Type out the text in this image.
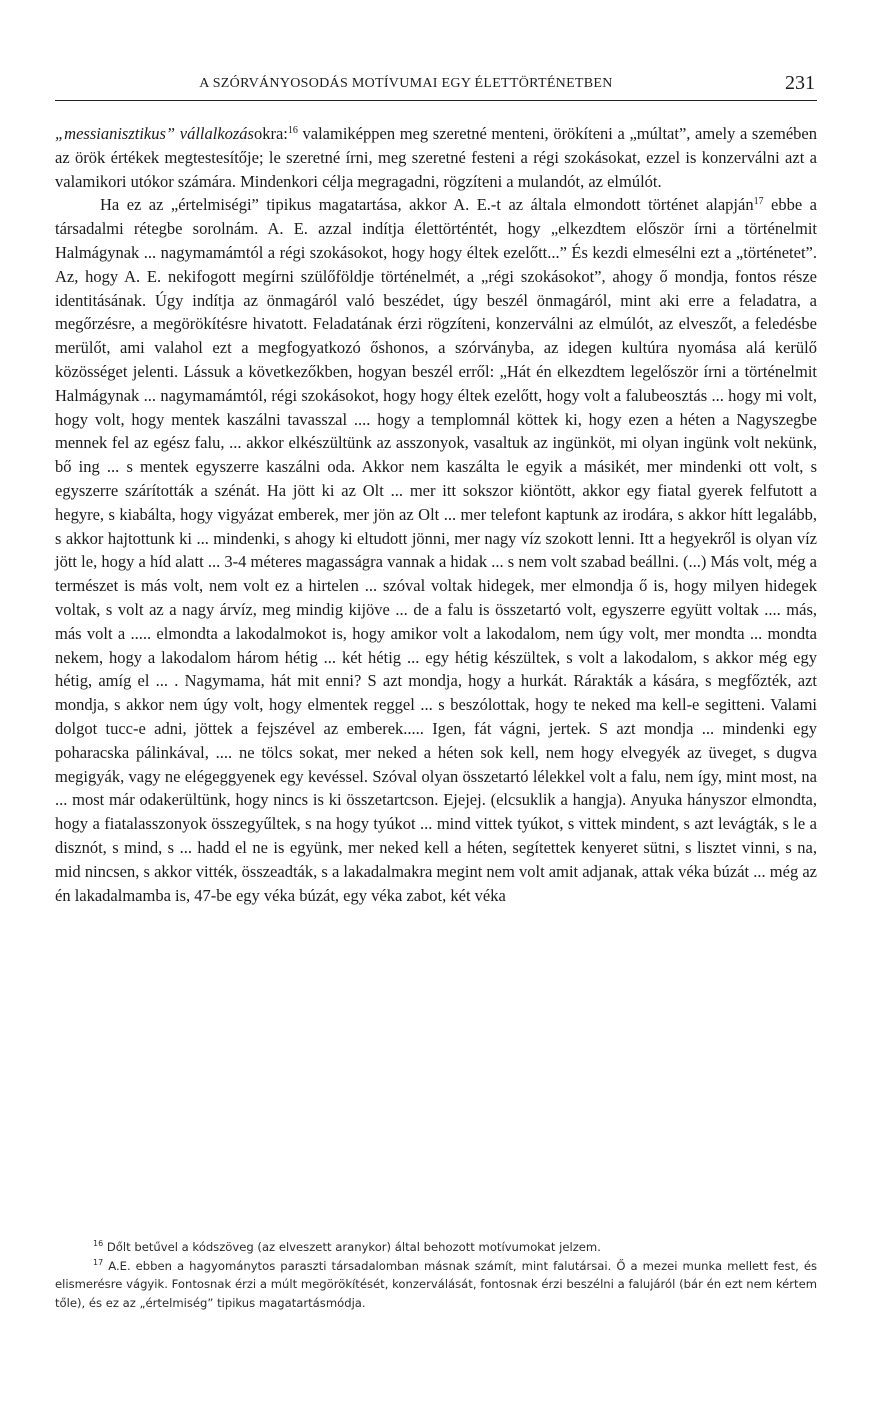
A SZÓRVÁNYOSODÁS MOTÍVUMAI EGY ÉLETTÖRTÉNETBEN	231

„messianisztikus” vállalkozásokra:$^{16}$ valamiképpen meg szeretné menteni, örökíteni a „múltat”, amely a szemében az örök értékek megtestesítője; le szeretné írni, meg szeretné festeni a régi szokásokat, ezzel is konzerválni azt a valamikori utókor számára. Mindenkori célja megragadni, rögzíteni a mulandót, az elmúlót.

Ha ez az „értelmiségi” tipikus magatartása, akkor A. E.-t az általa elmondott történet alapján$^{17}$ ebbe a társadalmi rétegbe sorolnám. A. E. azzal indítja élettörténtét, hogy „elkezdtem először írni a történelmit Halmágynak ... nagymamámtól a régi szokásokot, hogy hogy éltek ezelőtt...” És kezdi elmesélni ezt a „történetet”. Az, hogy A. E. nekifogott megírni szülőföldje történelmét, a „régi szokásokot”, ahogy ő mondja, fontos része identitásának. Úgy indítja az önmagáról való beszédet, úgy beszél önmagáról, mint aki erre a feladatra, a megőrzésre, a megörökítésre hivatott. Feladatának érzi rögzíteni, konzerválni az elmúlót, az elveszőt, a feledésbe merülőt, ami valahol ezt a megfogyatkozó őshonos, a szórványba, az idegen kultúra nyomása alá kerülő közösséget jelenti. Lássuk a következőkben, hogyan beszél erről: „Hát én elkezdtem legelőször írni a történelmit Halmágynak ... nagymamámtól, régi szokásokot, hogy hogy éltek ezelőtt, hogy volt a falubeosztás ... hogy mi volt, hogy volt, hogy mentek kaszálni tavasszal .... hogy a templomnál köttek ki, hogy ezen a héten a Nagyszegbe mennek fel az egész falu, ... akkor elkészültünk az asszonyok, vasaltuk az ingünköt, mi olyan ingünk volt nekünk, bő ing ... s mentek egyszerre kaszálni oda. Akkor nem kaszálta le egyik a másikét, mer mindenki ott volt, s egyszerre szárították a szénát. Ha jött ki az Olt ... mer itt sokszor kiöntött, akkor egy fiatal gyerek felfutott a hegyre, s kiabálta, hogy vigyázat emberek, mer jön az Olt ... mer telefont kaptunk az irodára, s akkor hítt legalább, s akkor hajtottunk ki ... mindenki, s ahogy ki eltudott jönni, mer nagy víz szokott lenni. Itt a hegyekről is olyan víz jött le, hogy a híd alatt ... 3-4 méteres magasságra vannak a hidak ... s nem volt szabad beállni. (...) Más volt, még a természet is más volt, nem volt ez a hirtelen ... szóval voltak hidegek, mer elmondja ő is, hogy milyen hidegek voltak, s volt az a nagy árvíz, meg mindig kijöve ... de a falu is összetartó volt, egyszerre együtt voltak .... más, más volt a ..... elmondta a lakodalmokot is, hogy amikor volt a lakodalom, nem úgy volt, mer mondta ... mondta nekem, hogy a lakodalom három hétig ... két hétig ... egy hétig készültek, s volt a lakodalom, s akkor még egy hétig, amíg el ... . Nagymama, hát mit enni? S azt mondja, hogy a hurkát. Rárakták a kására, s megfőzték, azt mondja, s akkor nem úgy volt, hogy elmentek reggel ... s beszólottak, hogy te neked ma kell-e segitteni. Valami dolgot tucc-e adni, jöttek a fejszével az emberek..... Igen, fát vágni, jertek. S azt mondja ... mindenki egy poharacska pálinkával, .... ne tölcs sokat, mer neked a héten sok kell, nem hogy elvegyék az üveget, s dugva megigyák, vagy ne elégeggyenek egy kevéssel. Szóval olyan összetartó lélekkel volt a falu, nem így, mint most, na ... most már odakerültünk, hogy nincs is ki összetartcson. Ejejej. (elcsuklik a hangja). Anyuka hányszor elmondta, hogy a fiatalasszonyok összegyűltek, s na hogy tyúkot ... mind vittek tyúkot, s vittek mindent, s azt levágták, s le a disznót, s mind, s ... hadd el ne is együnk, mer neked kell a héten, segítettek kenyeret sütni, s lisztet vinni, s na, mid nincsen, s akkor vitték, összeadták, s a lakadalmakra megint nem volt amit adjanak, attak véka búzát ... még az én lakadalmamba is, 47-be egy véka búzát, egy véka zabot, két véka

$^{16}$ Dőlt betűvel a kódszöveg (az elveszett aranykor) által behozott motívumokat jelzem.

$^{17}$ A.E. ebben a hagyománytos paraszti társadalomban másnak számít, mint falutársai. Ő a mezei munka mellett fest, és elismerésre vágyik. Fontosnak érzi a múlt megörökítését, konzerválását, fontosnak érzi beszélni a falujáról (bár én ezt nem kértem tőle), és ez az „értelmiség” tipikus magatartásmódja.
